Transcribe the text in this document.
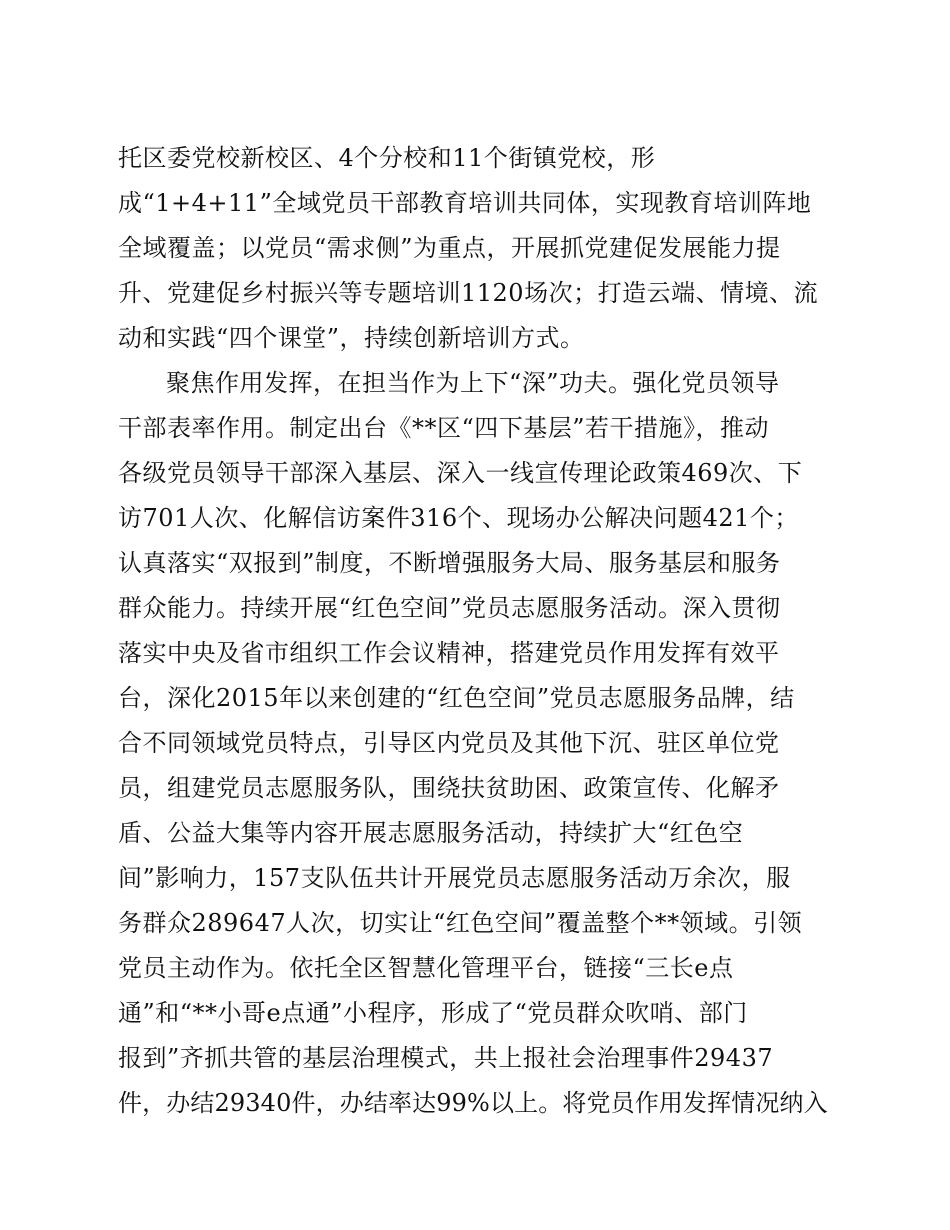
托区委党校新校区、4个分校和11个街镇党校，形
成“1+4+11”全域党员干部教育培训共同体，实现教育培训阵地
全域覆盖；以党员“需求侧”为重点，开展抓党建促发展能力提
升、党建促乡村振兴等专题培训1120场次；打造云端、情境、流
动和实践“四个课堂”，持续创新培训方式。
聚焦作用发挥，在担当作为上下“深”功夫。强化党员领导
干部表率作用。制定出台《**区“四下基层”若干措施》，推动
各级党员领导干部深入基层、深入一线宣传理论政策469次、下
访701人次、化解信访案件316个、现场办公解决问题421个；
认真落实“双报到”制度，不断增强服务大局、服务基层和服务
群众能力。持续开展“红色空间”党员志愿服务活动。深入贯彻
落实中央及省市组织工作会议精神，搭建党员作用发挥有效平
台，深化2015年以来创建的“红色空间”党员志愿服务品牌，结
合不同领域党员特点，引导区内党员及其他下沉、驻区单位党
员，组建党员志愿服务队，围绕扶贫助困、政策宣传、化解矛
盾、公益大集等内容开展志愿服务活动，持续扩大“红色空
间”影响力，157支队伍共计开展党员志愿服务活动万余次，服
务群众289647人次，切实让“红色空间”覆盖整个**领域。引领
党员主动作为。依托全区智慧化管理平台，链接“三长e点
通”和“**小哥e点通”小程序，形成了“党员群众吹哨、部门
报到”齐抓共管的基层治理模式，共上报社会治理事件29437
件，办结29340件，办结率达99%以上。将党员作用发挥情况纳入
